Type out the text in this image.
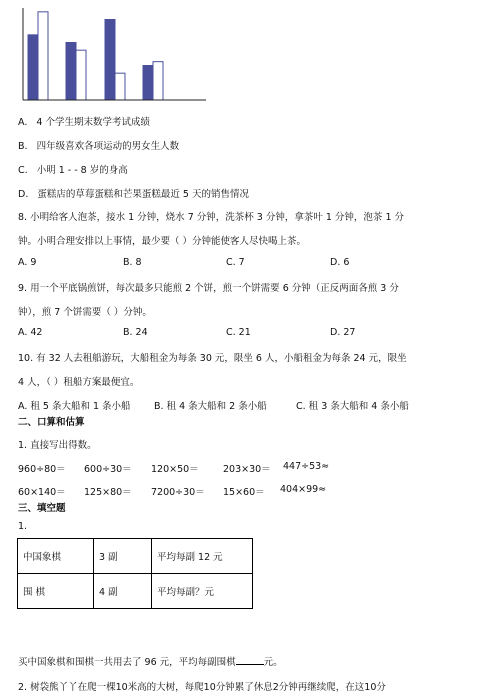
A. 4 个学生期末数学考试成绩
B. 四年级喜欢各项运动的男女生人数
C. 小明 1 - - 8 岁的身高
D. 蛋糕店的草莓蛋糕和芒果蛋糕最近 5 天的销售情况
8. 小明给客人泡茶，接水 1 分钟，烧水 7 分钟，洗茶杯 3 分钟，拿茶叶 1 分钟，泡茶 1 分
钟。小明合理安排以上事情，最少要（ ）分钟能使客人尽快喝上茶。
A. 9	B. 8	C. 7	D. 6
9. 用一个平底锅煎饼，每次最多只能煎 2 个饼，煎一个饼需要 6 分钟（正反两面各煎 3 分
钟），煎 7 个饼需要（ ）分钟。
A. 42	B. 24	C. 21	D. 27
10. 有 32 人去租船游玩，大船租金为每条 30 元，限坐 6 人，小船租金为每条 24 元，限坐
4 人，（ ）租船方案最便宜。
A. 租 5 条大船和 1 条小船 B. 租 4 条大船和 2 条小船	C. 租 3 条大船和 4 条小船
二、口算和估算
1. 直接写出得数。
960÷80＝ 600÷30＝ 120×50＝	203×30＝ 447÷53≈
60×140＝ 125×80＝ 7200÷30＝ 15×60＝ 404×99≈
三、填空题
1.
中国象棋	3 副	平均每副 12 元
围 棋	4 副	平均每副？元
买中国象棋和围棋一共用去了 96 元，平均每副围棋	元。
2. 树袋熊丫丫在爬一棵10米高的大树，每爬10分钟累了休息2分钟再继续爬，在这10分
